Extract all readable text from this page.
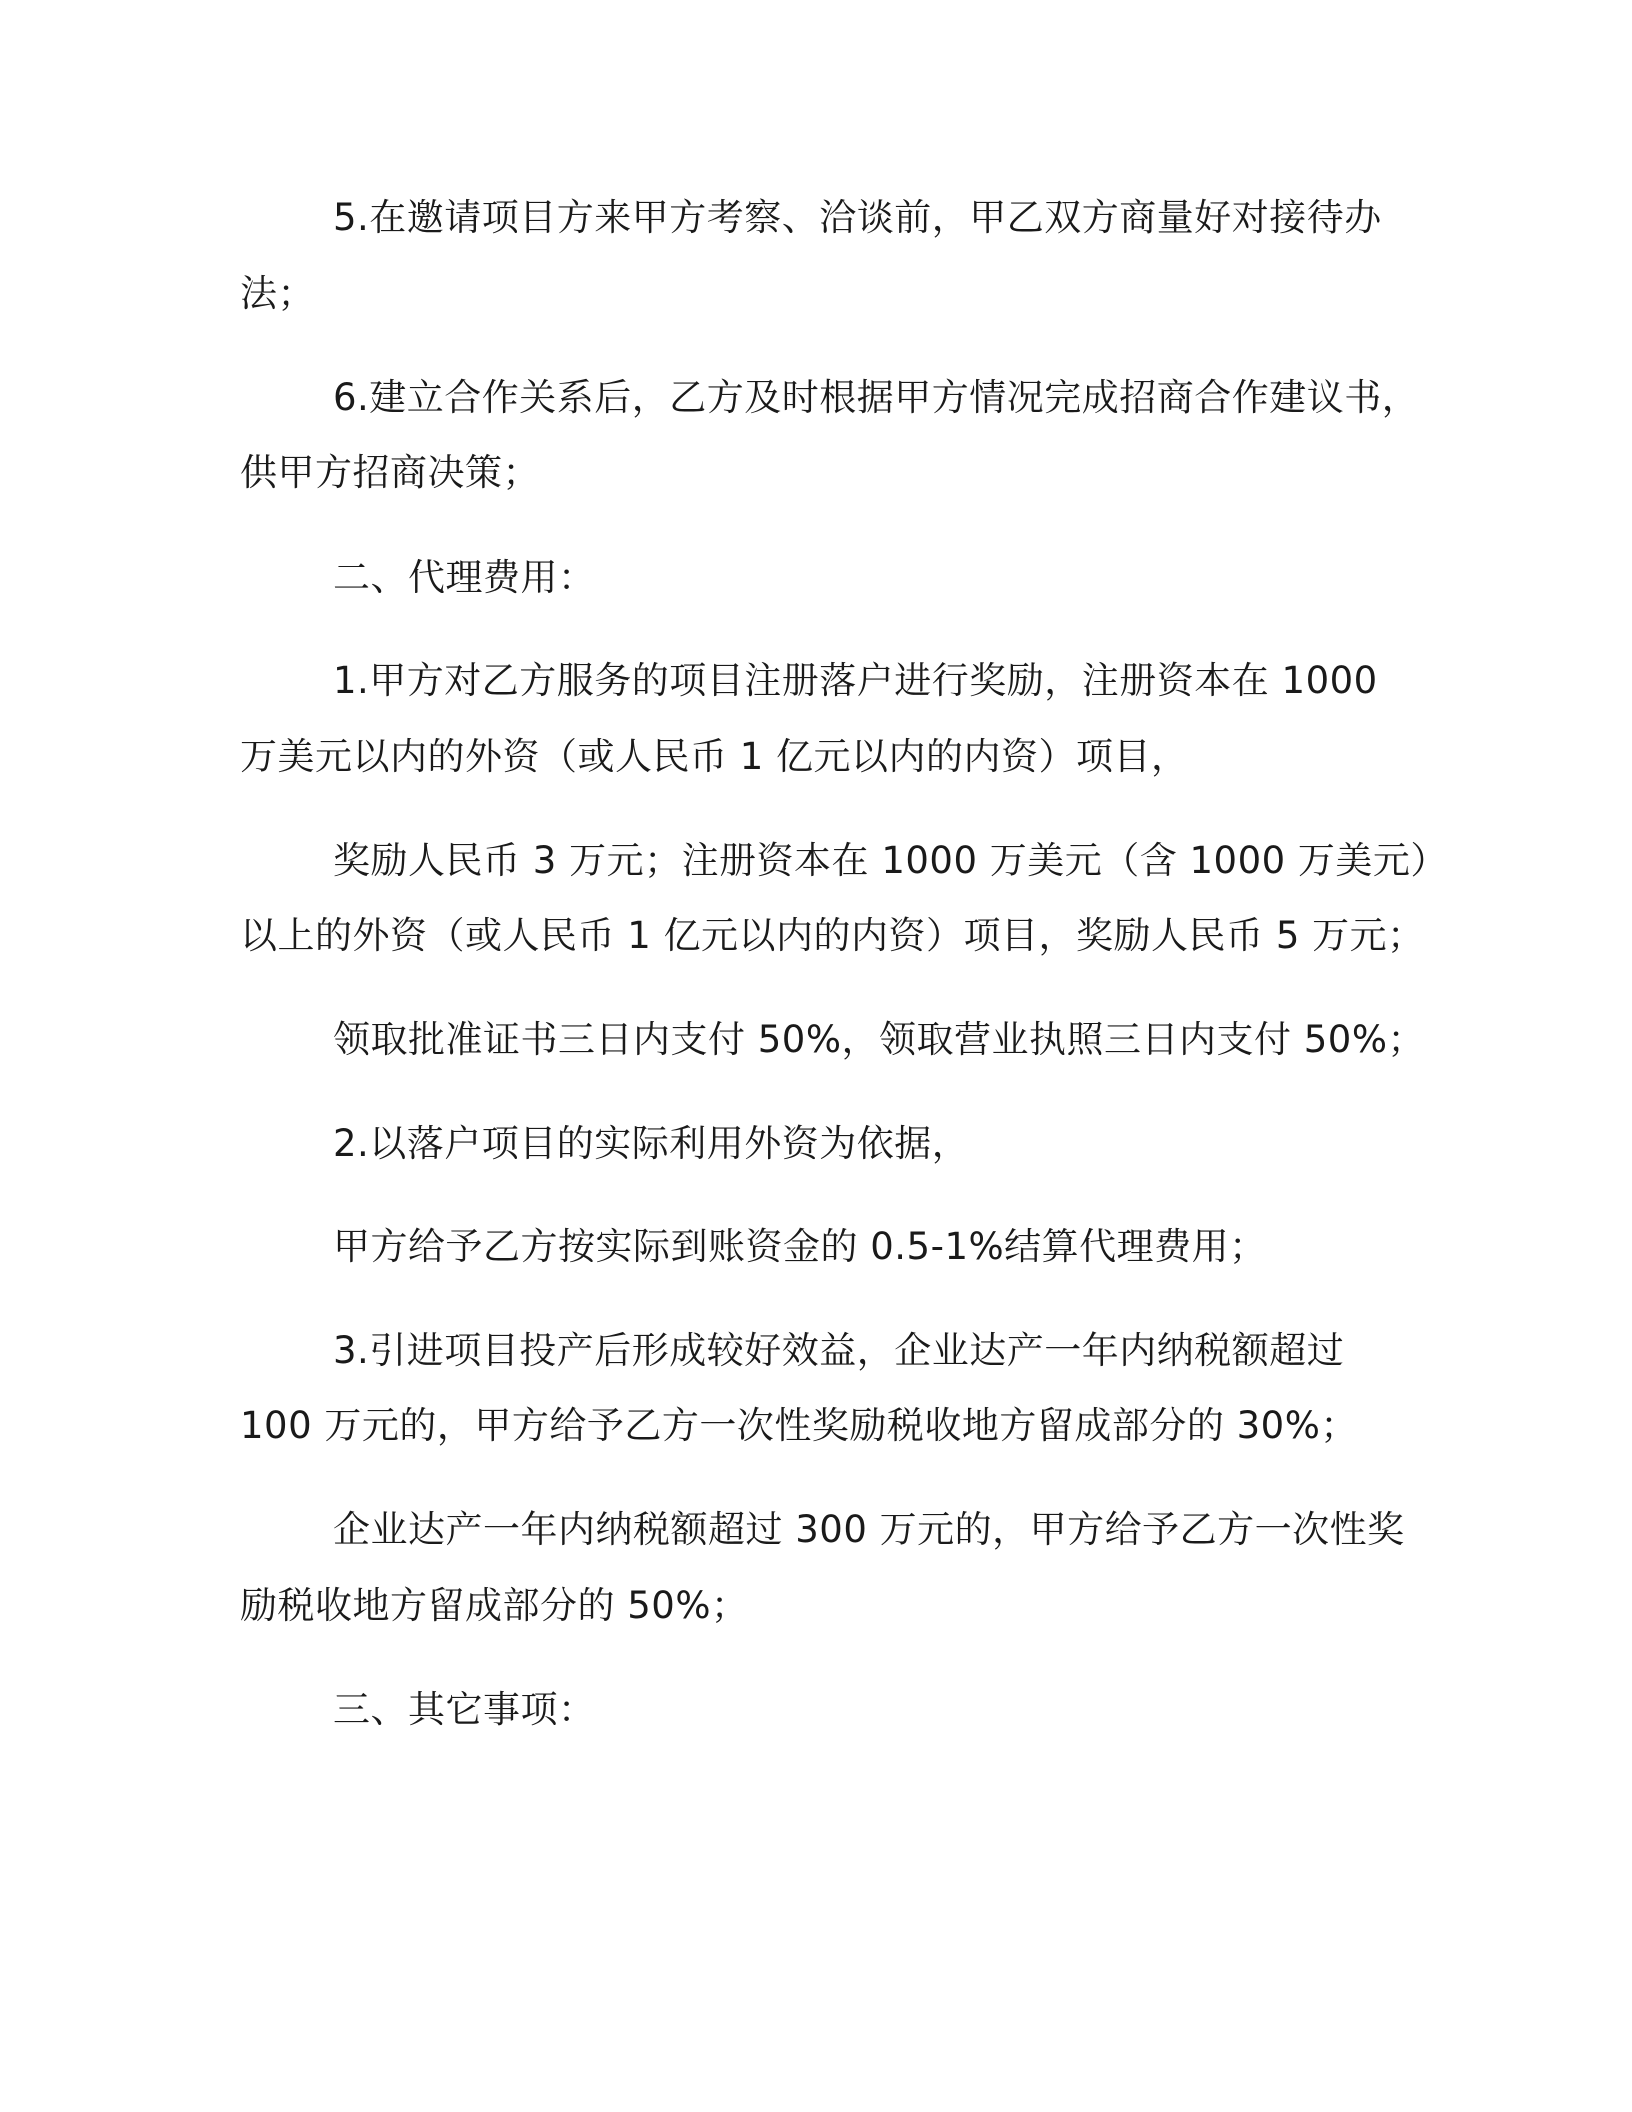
5.在邀请项目方来甲方考察、洽谈前，甲乙双方商量好对接待办
法；
6.建立合作关系后，乙方及时根据甲方情况完成招商合作建议书，
供甲方招商决策；
二、代理费用：
1.甲方对乙方服务的项目注册落户进行奖励，注册资本在 1000
万美元以内的外资（或人民币 1 亿元以内的内资）项目，
奖励人民币 3 万元；注册资本在 1000 万美元（含 1000 万美元）
以上的外资（或人民币 1 亿元以内的内资）项目，奖励人民币 5 万元；
领取批准证书三日内支付 50%，领取营业执照三日内支付 50%；
2.以落户项目的实际利用外资为依据，
甲方给予乙方按实际到账资金的 0.5-1%结算代理费用；
3.引进项目投产后形成较好效益，企业达产一年内纳税额超过
100 万元的，甲方给予乙方一次性奖励税收地方留成部分的 30%；
企业达产一年内纳税额超过 300 万元的，甲方给予乙方一次性奖
励税收地方留成部分的 50%；
三、其它事项：
